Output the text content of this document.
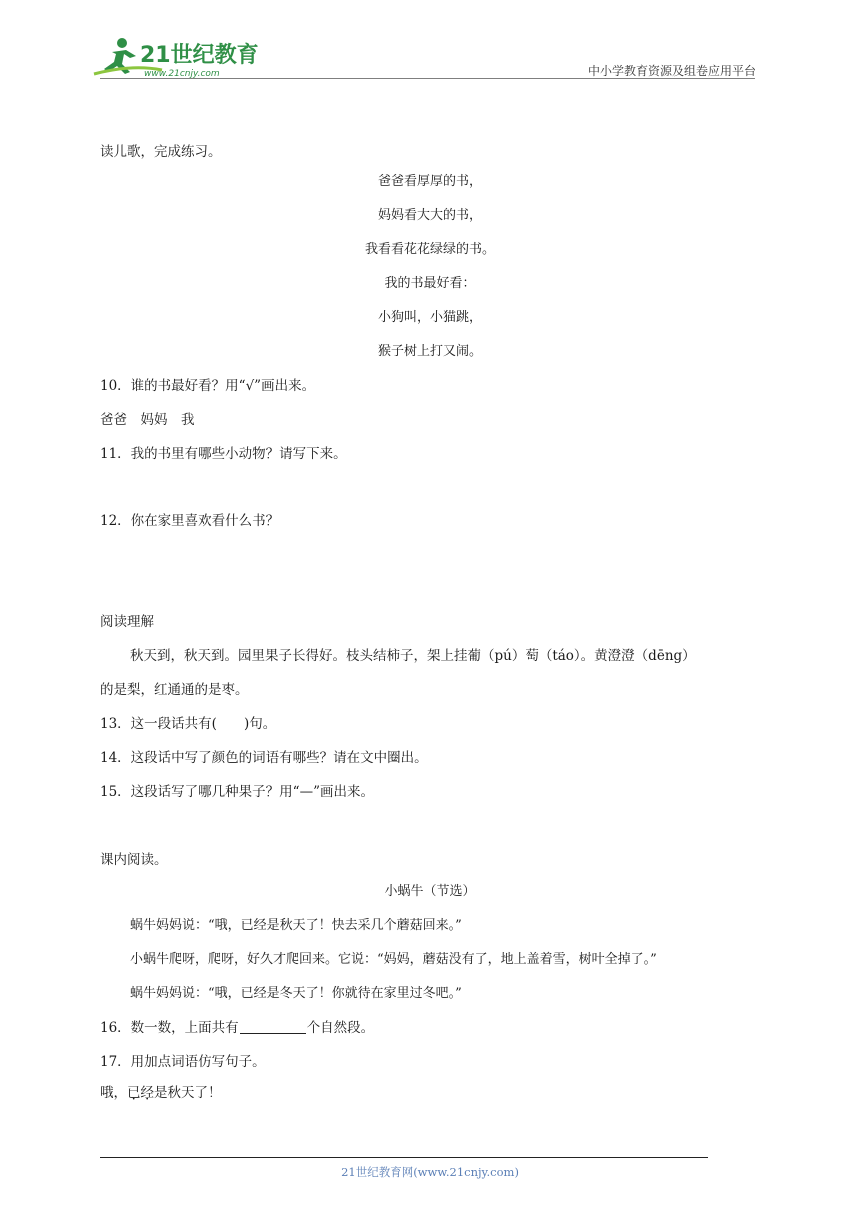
21世纪教育
www.21cnjy.com	中小学教育资源及组卷应用平台
读儿歌，完成练习。
爸爸看厚厚的书，
妈妈看大大的书，
我看看花花绿绿的书。
我的书最好看：
小狗叫，小猫跳，
猴子树上打又闹。
10．谁的书最好看？用“√”画出来。
爸爸　妈妈　我
11．我的书里有哪些小动物？请写下来。
12．你在家里喜欢看什么书？
阅读理解
秋天到，秋天到。园里果子长得好。枝头结柿子，架上挂葡（pú）萄（táo）。黄澄澄（dēng）
的是梨，红通通的是枣。
13．这一段话共有(　　)句。
14．这段话中写了颜色的词语有哪些？请在文中圈出。
15．这段话写了哪几种果子？用“—”画出来。
课内阅读。
小蜗牛（节选）
蜗牛妈妈说：“哦，已经是秋天了！快去采几个蘑菇回来。”
小蜗牛爬呀，爬呀，好久才爬回来。它说：“妈妈，蘑菇没有了，地上盖着雪，树叶全掉了。”
蜗牛妈妈说：“哦，已经是冬天了！你就待在家里过冬吧。”
16．数一数，上面共有	个自然段。
17．用加点词语仿写句子。
哦，已经是秋天了！
21世纪教育网(www.21cnjy.com)
